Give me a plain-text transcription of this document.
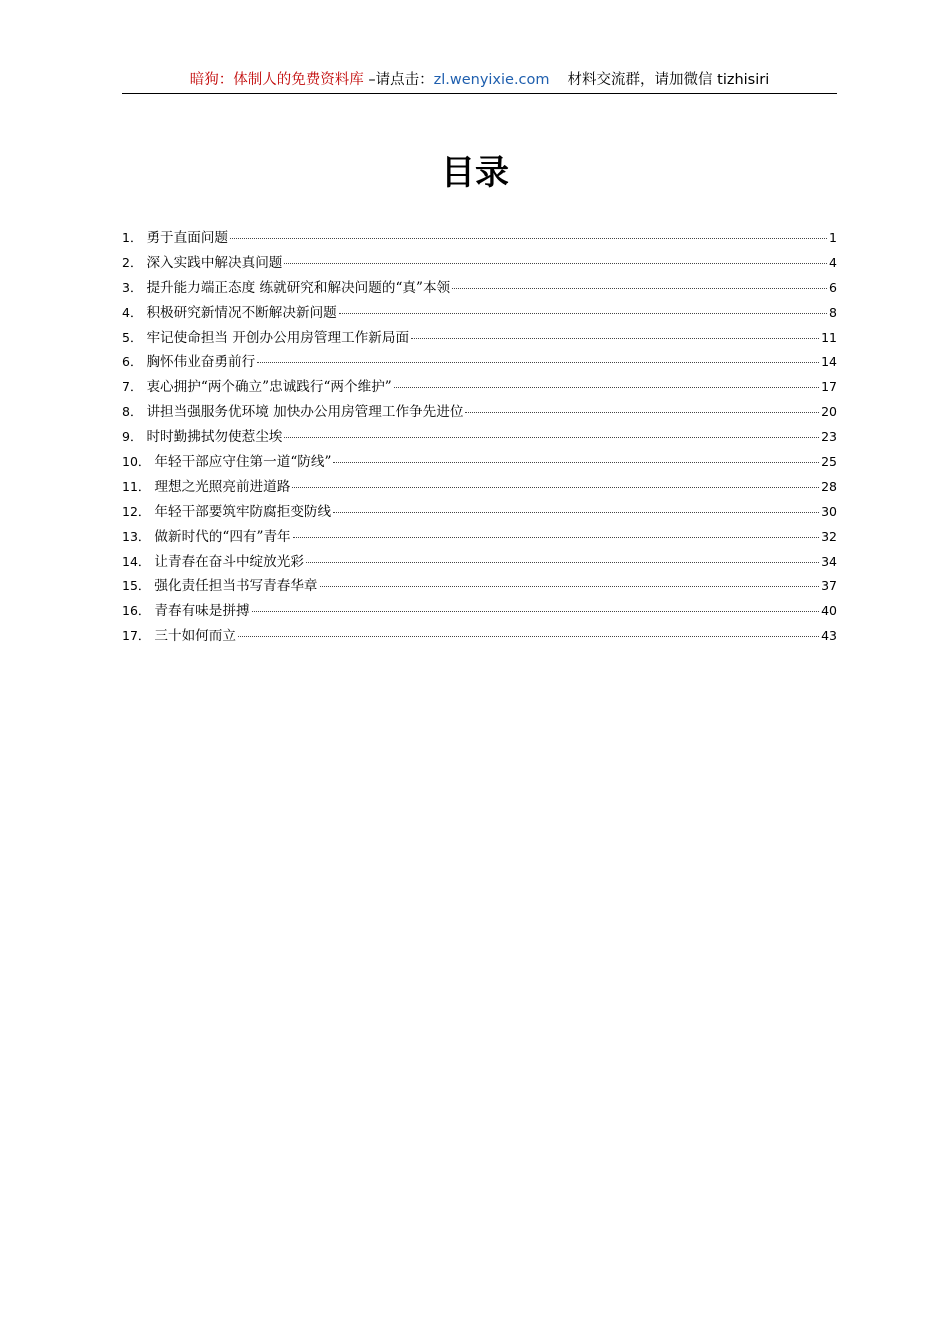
暗狗：体制人的免费资料库 –请点击：zl.wenyixie.com 材料交流群，请加微信 tizhisiri
目录
1． 勇于直面问题	1
2． 深入实践中解决真问题	4
3． 提升能力端正态度 练就研究和解决问题的“真”本领	6
4． 积极研究新情况不断解决新问题	8
5． 牢记使命担当 开创办公用房管理工作新局面	11
6． 胸怀伟业奋勇前行	14
7． 衷心拥护“两个确立”忠诚践行“两个维护”	17
8． 讲担当强服务优环境 加快办公用房管理工作争先进位	20
9． 时时勤拂拭勿使惹尘埃	23
10． 年轻干部应守住第一道“防线”	25
11． 理想之光照亮前进道路	28
12． 年轻干部要筑牢防腐拒变防线	30
13． 做新时代的“四有”青年	32
14． 让青春在奋斗中绽放光彩	34
15． 强化责任担当书写青春华章	37
16． 青春有味是拼搏	40
17． 三十如何而立	43
